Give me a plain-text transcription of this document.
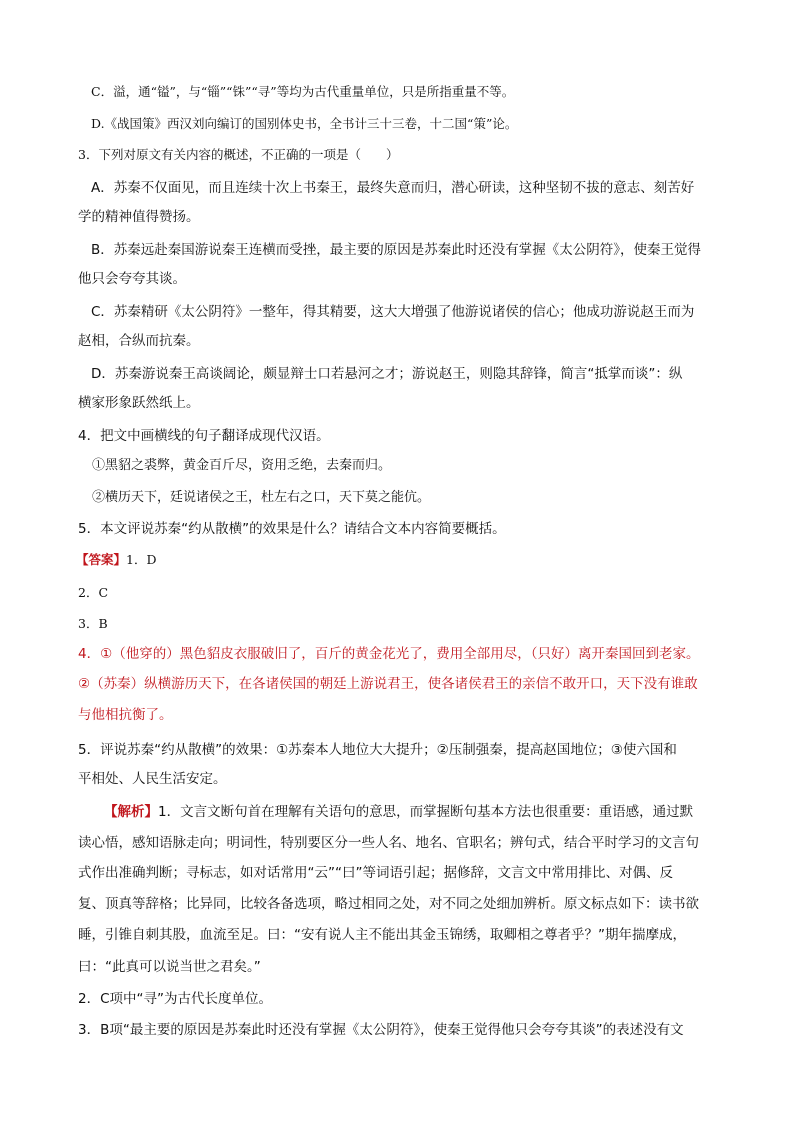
C．溢，通“镒”，与“锱”“铢”“寻”等均为古代重量单位，只是所指重量不等。
D.《战国策》西汉刘向编订的国别体史书，全书计三十三卷，十二国“策”论。
3．下列对原文有关内容的概述，不正确的一项是（　　）
A．苏秦不仅面见，而且连续十次上书秦王，最终失意而归，潜心研读，这种坚韧不拔的意志、刻苦好
学的精神值得赞扬。
B．苏秦远赴秦国游说秦王连横而受挫，最主要的原因是苏秦此时还没有掌握《太公阴符》，使秦王觉得
他只会夸夸其谈。
C．苏秦精研《太公阴符》一整年，得其精要，这大大增强了他游说诸侯的信心；他成功游说赵王而为
赵相，合纵而抗秦。
D．苏秦游说秦王高谈阔论，颇显辩士口若悬河之才；游说赵王，则隐其辞锋，简言“抵掌而谈”：纵
横家形象跃然纸上。
4．把文中画横线的句子翻译成现代汉语。
①黑貂之裘弊，黄金百斤尽，资用乏绝，去秦而归。
②横历天下，廷说诸侯之王，杜左右之口，天下莫之能伉。
5．本文评说苏秦“约从散横”的效果是什么？请结合文本内容简要概括。
【答案】1．D
2．C
3．B
4．①（他穿的）黑色貂皮衣服破旧了，百斤的黄金花光了，费用全部用尽，（只好）离开秦国回到老家。
②（苏秦）纵横游历天下，在各诸侯国的朝廷上游说君王，使各诸侯君王的亲信不敢开口，天下没有谁敢
与他相抗衡了。
5．评说苏秦“约从散横”的效果：①苏秦本人地位大大提升；②压制强秦，提高赵国地位；③使六国和
平相处、人民生活安定。
【解析】1．文言文断句首在理解有关语句的意思，而掌握断句基本方法也很重要：重语感，通过默
读心悟，感知语脉走向；明词性，特别要区分一些人名、地名、官职名；辨句式，结合平时学习的文言句
式作出准确判断；寻标志，如对话常用“云”“曰”等词语引起；据修辞，文言文中常用排比、对偶、反
复、顶真等辞格；比异同，比较各备选项，略过相同之处，对不同之处细加辨析。原文标点如下：读书欲
睡，引锥自刺其股，血流至足。曰：“安有说人主不能出其金玉锦绣，取卿相之尊者乎？”期年揣摩成，
曰：“此真可以说当世之君矣。”
2．C项中“寻”为古代长度单位。
3．B项“最主要的原因是苏秦此时还没有掌握《太公阴符》，使秦王觉得他只会夸夸其谈”的表述没有文
